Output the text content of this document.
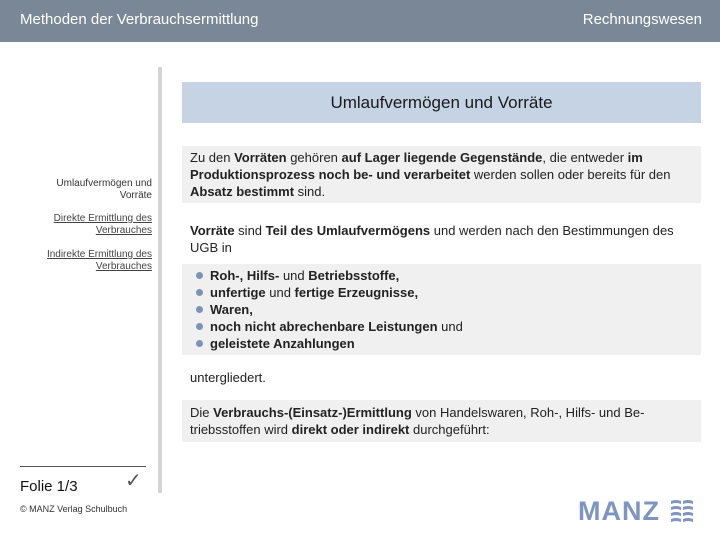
Methoden der Verbrauchsermittlung	Rechnungswesen
Umlaufvermögen und Vorräte
Umlaufvermögen und Vorräte
Direkte Ermittlung des Verbrauches
Indirekte Ermittlung des Verbrauches
Zu den Vorräten gehören auf Lager liegende Gegenstände, die entweder im Produktionsprozess noch be- und verarbeitet werden sollen oder bereits für den Absatz bestimmt sind.
Vorräte sind Teil des Umlaufvermögens und werden nach den Bestimmungen des UGB in
Roh-, Hilfs- und Betriebsstoffe,
unfertige und fertige Erzeugnisse,
Waren,
noch nicht abrechenbare Leistungen und
geleistete Anzahlungen
untergliedert.
Die Verbrauchs-(Einsatz-)Ermittlung von Handelswaren, Roh-, Hilfs- und Be-triebsstoffen wird direkt oder indirekt durchgeführt:
Folie 1/3 ✓
© MANZ Verlag Schulbuch	MANZ
